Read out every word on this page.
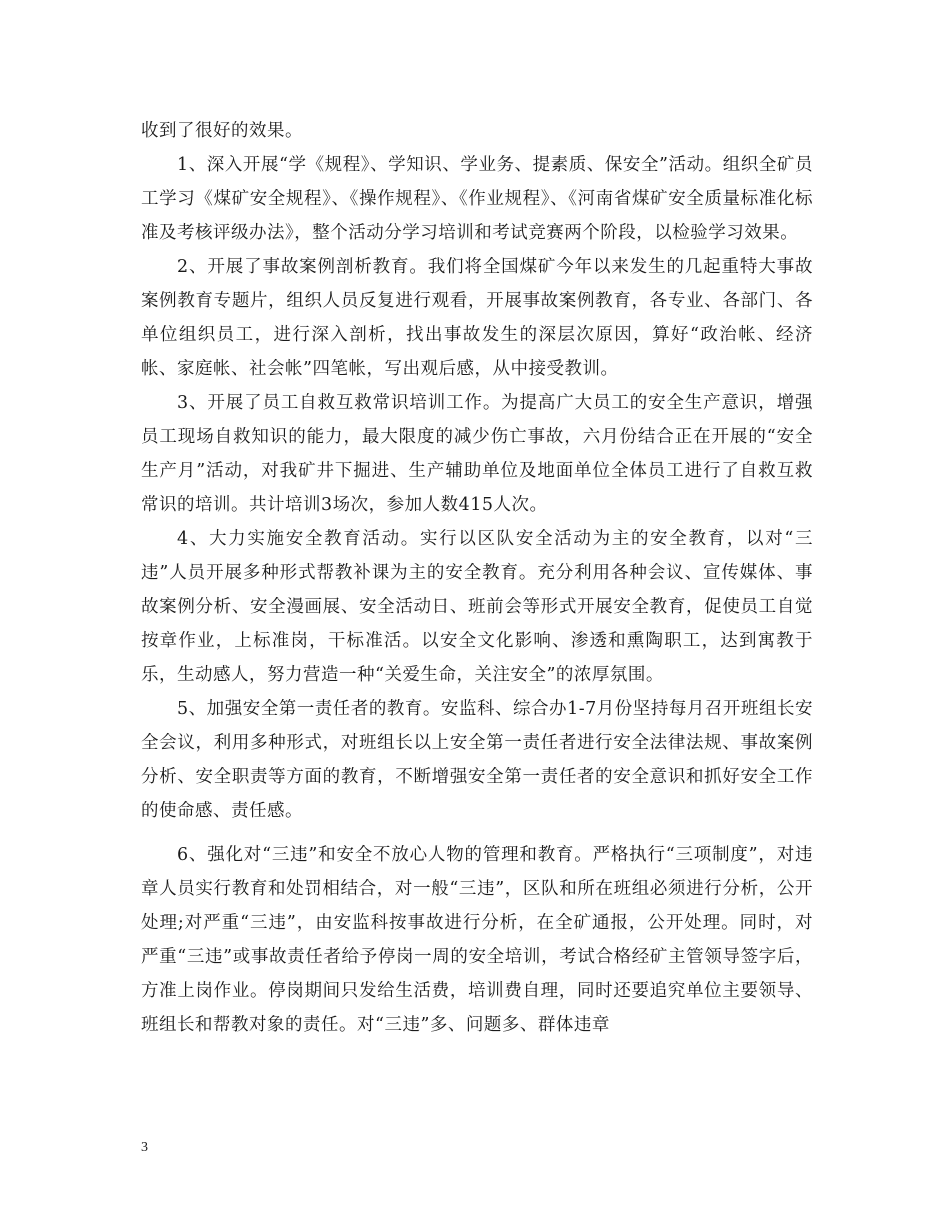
收到了很好的效果。

1、深入开展“学《规程》、学知识、学业务、提素质、保安全”活动。组织全矿员工学习《煤矿安全规程》、《操作规程》、《作业规程》、《河南省煤矿安全质量标准化标准及考核评级办法》，整个活动分学习培训和考试竞赛两个阶段，以检验学习效果。

2、开展了事故案例剖析教育。我们将全国煤矿今年以来发生的几起重特大事故案例教育专题片，组织人员反复进行观看，开展事故案例教育，各专业、各部门、各单位组织员工，进行深入剖析，找出事故发生的深层次原因，算好“政治帐、经济帐、家庭帐、社会帐”四笔帐，写出观后感，从中接受教训。

3、开展了员工自救互救常识培训工作。为提高广大员工的安全生产意识，增强员工现场自救知识的能力，最大限度的减少伤亡事故，六月份结合正在开展的“安全生产月”活动，对我矿井下掘进、生产辅助单位及地面单位全体员工进行了自救互救常识的培训。共计培训3场次，参加人数415人次。

4、大力实施安全教育活动。实行以区队安全活动为主的安全教育，以对“三违”人员开展多种形式帮教补课为主的安全教育。充分利用各种会议、宣传媒体、事故案例分析、安全漫画展、安全活动日、班前会等形式开展安全教育，促使员工自觉按章作业，上标准岗，干标准活。以安全文化影响、渗透和熏陶职工，达到寓教于乐，生动感人，努力营造一种“关爱生命，关注安全”的浓厚氛围。

5、加强安全第一责任者的教育。安监科、综合办1-7月份坚持每月召开班组长安全会议，利用多种形式，对班组长以上安全第一责任者进行安全法律法规、事故案例分析、安全职责等方面的教育，不断增强安全第一责任者的安全意识和抓好安全工作的使命感、责任感。

6、强化对“三违”和安全不放心人物的管理和教育。严格执行“三项制度”，对违章人员实行教育和处罚相结合，对一般“三违”，区队和所在班组必须进行分析，公开处理;对严重“三违”，由安监科按事故进行分析，在全矿通报，公开处理。同时，对严重“三违”或事故责任者给予停岗一周的安全培训，考试合格经矿主管领导签字后，方准上岗作业。停岗期间只发给生活费，培训费自理，同时还要追究单位主要领导、班组长和帮教对象的责任。对“三违”多、问题多、群体违章

3
